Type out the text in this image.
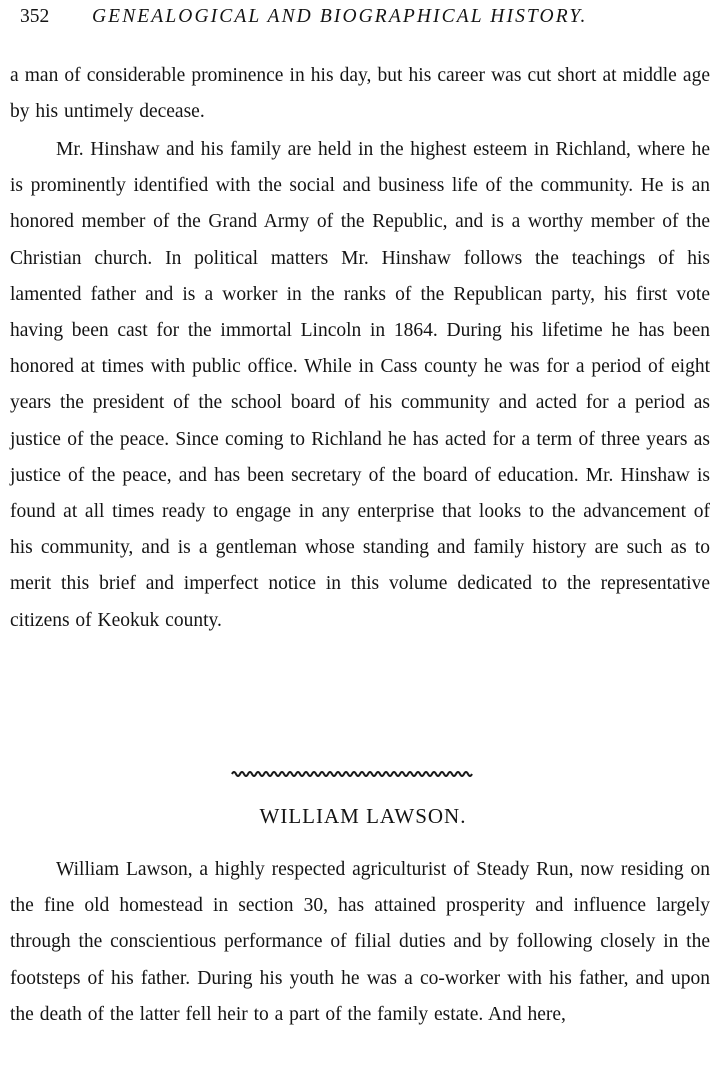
352 GENEALOGICAL AND BIOGRAPHICAL HISTORY.

a man of considerable prominence in his day, but his career was cut short at middle age by his untimely decease.

Mr. Hinshaw and his family are held in the highest esteem in Richland, where he is prominently identified with the social and business life of the community. He is an honored member of the Grand Army of the Republic, and is a worthy member of the Christian church. In political matters Mr. Hinshaw follows the teachings of his lamented father and is a worker in the ranks of the Republican party, his first vote having been cast for the immortal Lincoln in 1864. During his lifetime he has been honored at times with public office. While in Cass county he was for a period of eight years the president of the school board of his community and acted for a period as justice of the peace. Since coming to Richland he has acted for a term of three years as justice of the peace, and has been secretary of the board of education. Mr. Hinshaw is found at all times ready to engage in any enterprise that looks to the advancement of his community, and is a gentleman whose standing and family history are such as to merit this brief and imperfect notice in this volume dedicated to the representative citizens of Keokuk county.

WILLIAM LAWSON.

William Lawson, a highly respected agriculturist of Steady Run, now residing on the fine old homestead in section 30, has attained prosperity and influence largely through the conscientious performance of filial duties and by following closely in the footsteps of his father. During his youth he was a co-worker with his father, and upon the death of the latter fell heir to a part of the family estate. And here,
